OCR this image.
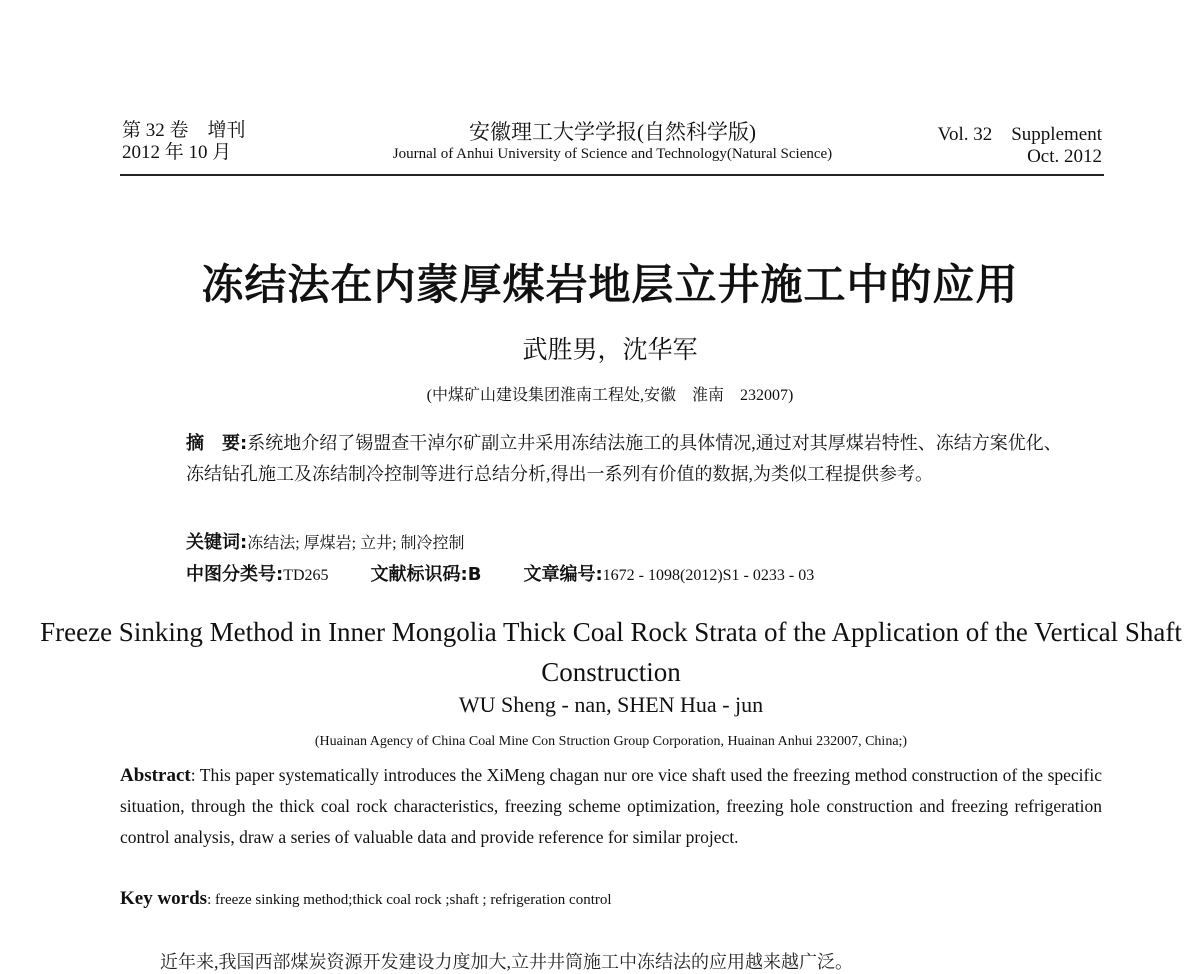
第 32 卷　增刊
2012 年 10 月
安徽理工大学学报(自然科学版)
Journal of Anhui University of Science and Technology(Natural Science)
Vol. 32　Supplement
Oct. 2012
冻结法在内蒙厚煤岩地层立井施工中的应用
武胜男，沈华军
(中煤矿山建设集团淮南工程处,安徽　淮南　232007)
摘　要:系统地介绍了锡盟查干淖尔矿副立井采用冻结法施工的具体情况,通过对其厚煤岩特性、冻结方案优化、冻结钻孔施工及冻结制冷控制等进行总结分析,得出一系列有价值的数据,为类似工程提供参考。
关键词:冻结法; 厚煤岩; 立井; 制冷控制
中图分类号:TD265 文献标识码:B 文章编号:1672 - 1098(2012)S1 - 0233 - 03
Freeze Sinking Method in Inner Mongolia Thick Coal Rock Strata of the Application of the Vertical Shaft Construction
WU Sheng - nan, SHEN Hua - jun
(Huainan Agency of China Coal Mine Con Struction Group Corporation, Huainan Anhui 232007, China;)
Abstract: This paper systematically introduces the XiMeng chagan nur ore vice shaft used the freezing method construction of the specific situation, through the thick coal rock characteristics, freezing scheme optimization, freezing hole construction and freezing refrigeration control analysis, draw a series of valuable data and provide reference for similar project.
Key words: freeze sinking method;thick coal rock ;shaft ; refrigeration control
近年来,我国西部煤炭资源开发建设力度加大,立井井筒施工中冻结法的应用越来越广泛。
